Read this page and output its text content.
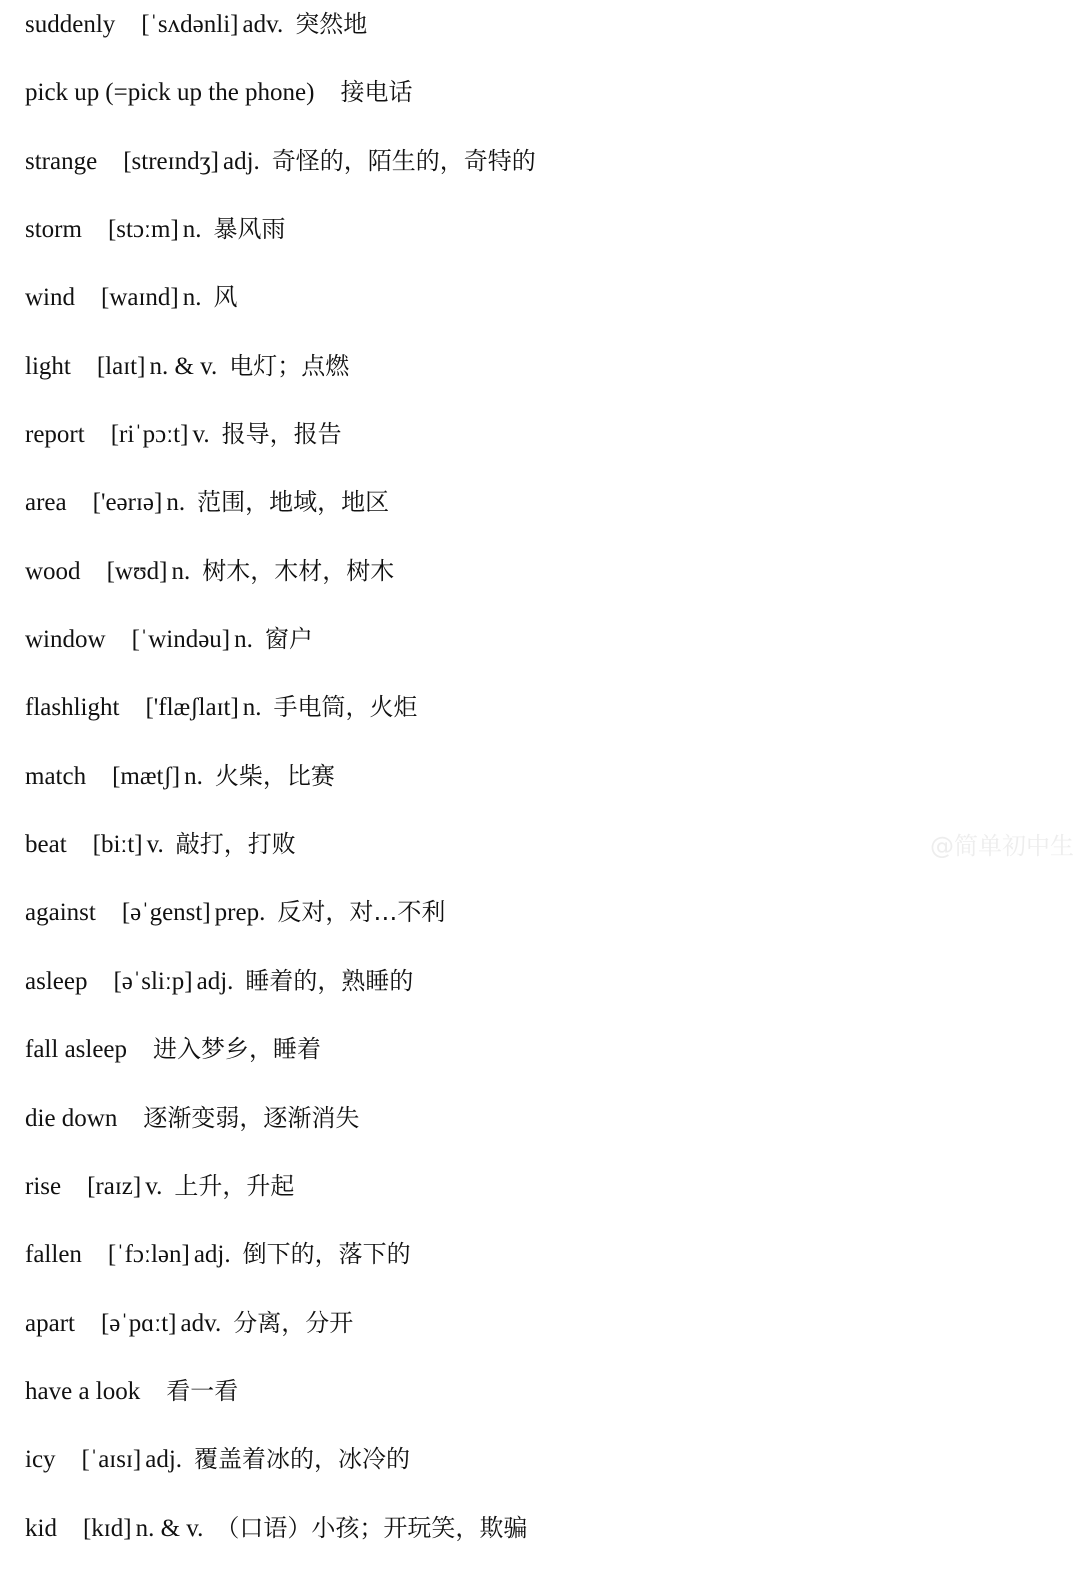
suddenly [ˈsʌdənli] adv. 突然地
pick up (=pick up the phone) 接电话
strange [streɪndʒ] adj. 奇怪的，陌生的，奇特的
storm [stɔːm] n. 暴风雨
wind [waɪnd] n. 风
light [laɪt] n. & v. 电灯；点燃
report [riˈpɔːt] v. 报导，报告
area ['eərɪə] n. 范围，地域，地区
wood [wʊd] n. 树木，木材，树木
window [ˈwindəu] n. 窗户
flashlight ['flæʃlaɪt] n. 手电筒，火炬
match [mætʃ] n. 火柴，比赛
beat [biːt] v. 敲打，打败
against [əˈgenst] prep. 反对，对…不利
asleep [əˈsliːp] adj. 睡着的，熟睡的
fall asleep 进入梦乡，睡着
die down 逐渐变弱，逐渐消失
rise [raɪz] v. 上升，升起
fallen [ˈfɔːlən] adj. 倒下的，落下的
apart [əˈpɑːt] adv. 分离，分开
have a look 看一看
icy [ˈaɪsɪ] adj. 覆盖着冰的，冰冷的
kid [kɪd] n. & v. （口语）小孩；开玩笑，欺骗
@简单初中生
